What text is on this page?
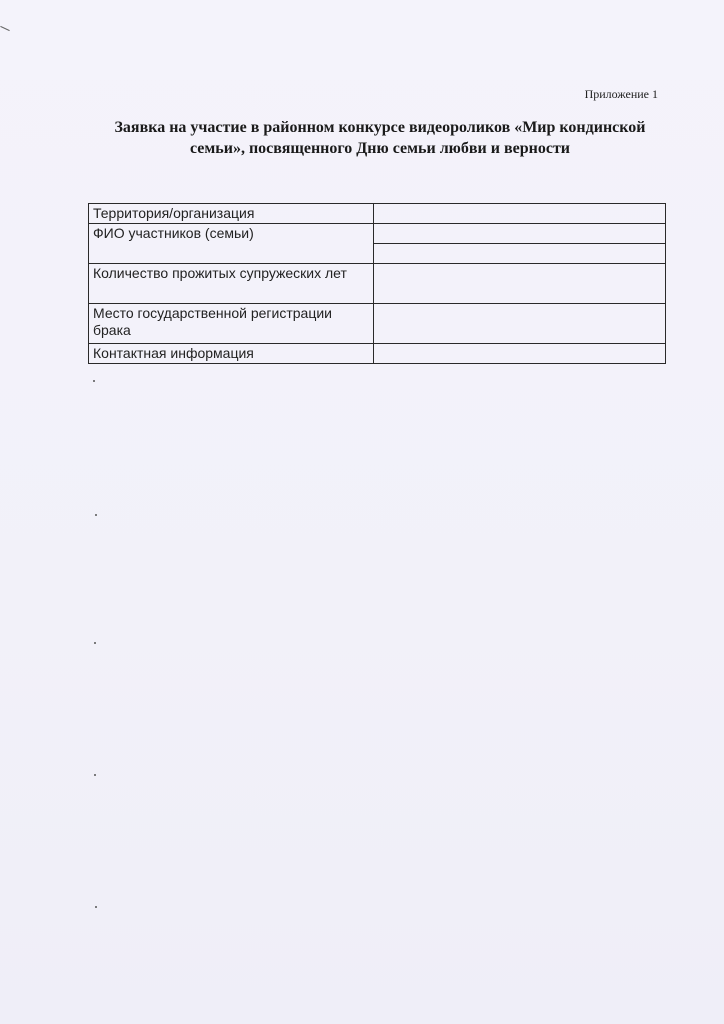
Приложение 1
Заявка на участие в районном конкурсе видеороликов «Мир кондинской
семьи», посвященного Дню семьи любви и верности
Территория/организация	
ФИО участников (семьи)	

Количество прожитых супружеских лет	
Место государственной регистрации брака	
Контактная информация	
